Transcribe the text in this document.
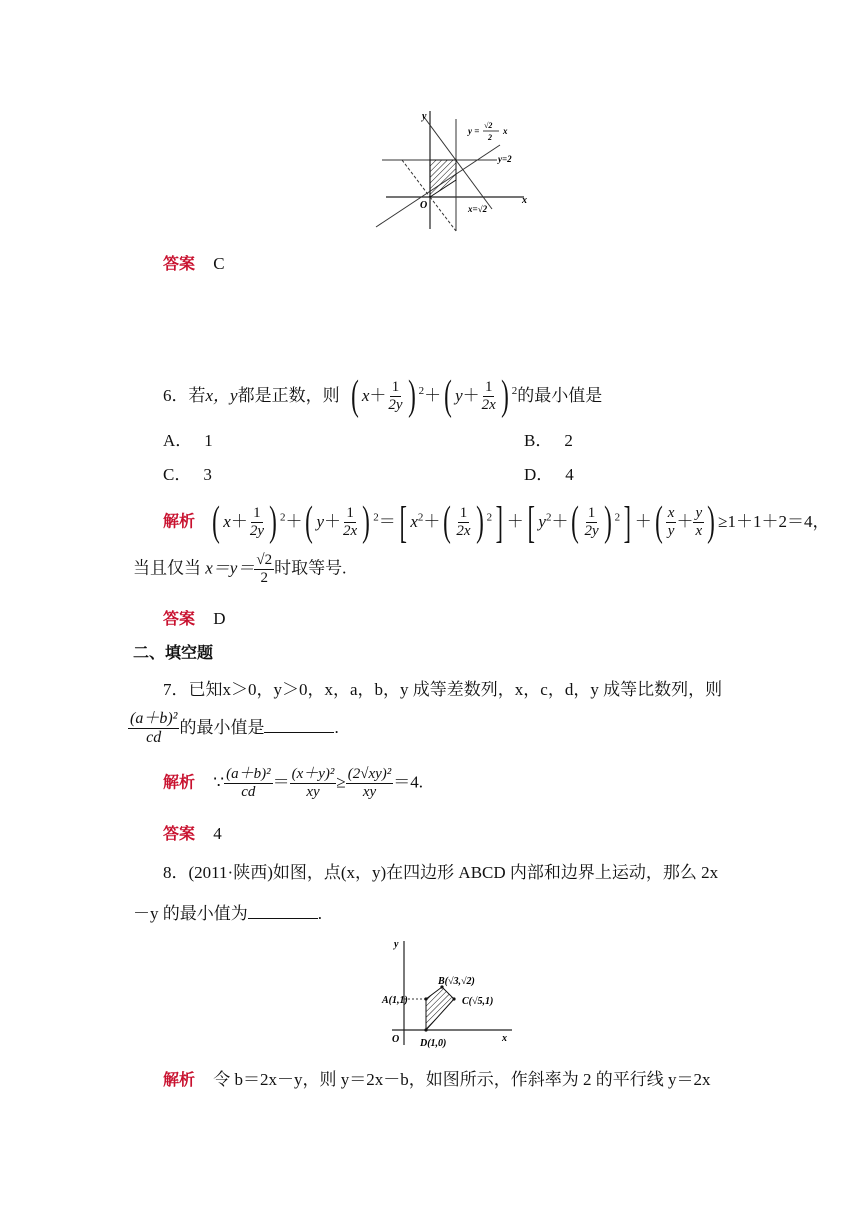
y
x
O
y =
√2
2
x
y=2
x=√2
答案 C
6．若x，y都是正数，则 ( $x+ \frac{1}{2y}$ ) $^2$＋( $y+ \frac{1}{2x}$ ) $^2$的最小值是
A． 1	B． 2
C． 3	D． 4
解析 ( $x+ \frac{1}{2y}$ ) $^2$＋( $y+ \frac{1}{2x}$ ) $^2$＝[ $x^2+( \frac{1}{2x}$ ) $^2$] ＋[ $y^2+( \frac{1}{2y}$ ) $^2$] ＋( $\frac{x}{y} + \frac{y}{x}$ ) ≥1＋1＋2＝4，
当且仅当 $x=y= \frac{√2}{2}$ 时取等号.
答案 D
二、填空题
7．已知x＞0，y＞0，x，a，b，y 成等差数列，x，c，d，y 成等比数列，则
$\frac{\text{(a＋b)²}}{cd}$ 的最小值是	.
解析 ∵ $\frac{\text{(a＋b)²}}{cd} = \frac{\text{(x＋y)²}}{xy} \ge \frac{\text{(2√xy)²}}{xy} =4$.
答案 4
8．(2011·陕西)如图，点(x，y)在四边形 ABCD 内部和边界上运动，那么 2x
－y 的最小值为	.
y
x
O
A(1,1)
B(√3,√2)
C(√5,1)
D(1,0)
解析 令 b＝2x－y，则 y＝2x－b，如图所示，作斜率为 2 的平行线 y＝2x
